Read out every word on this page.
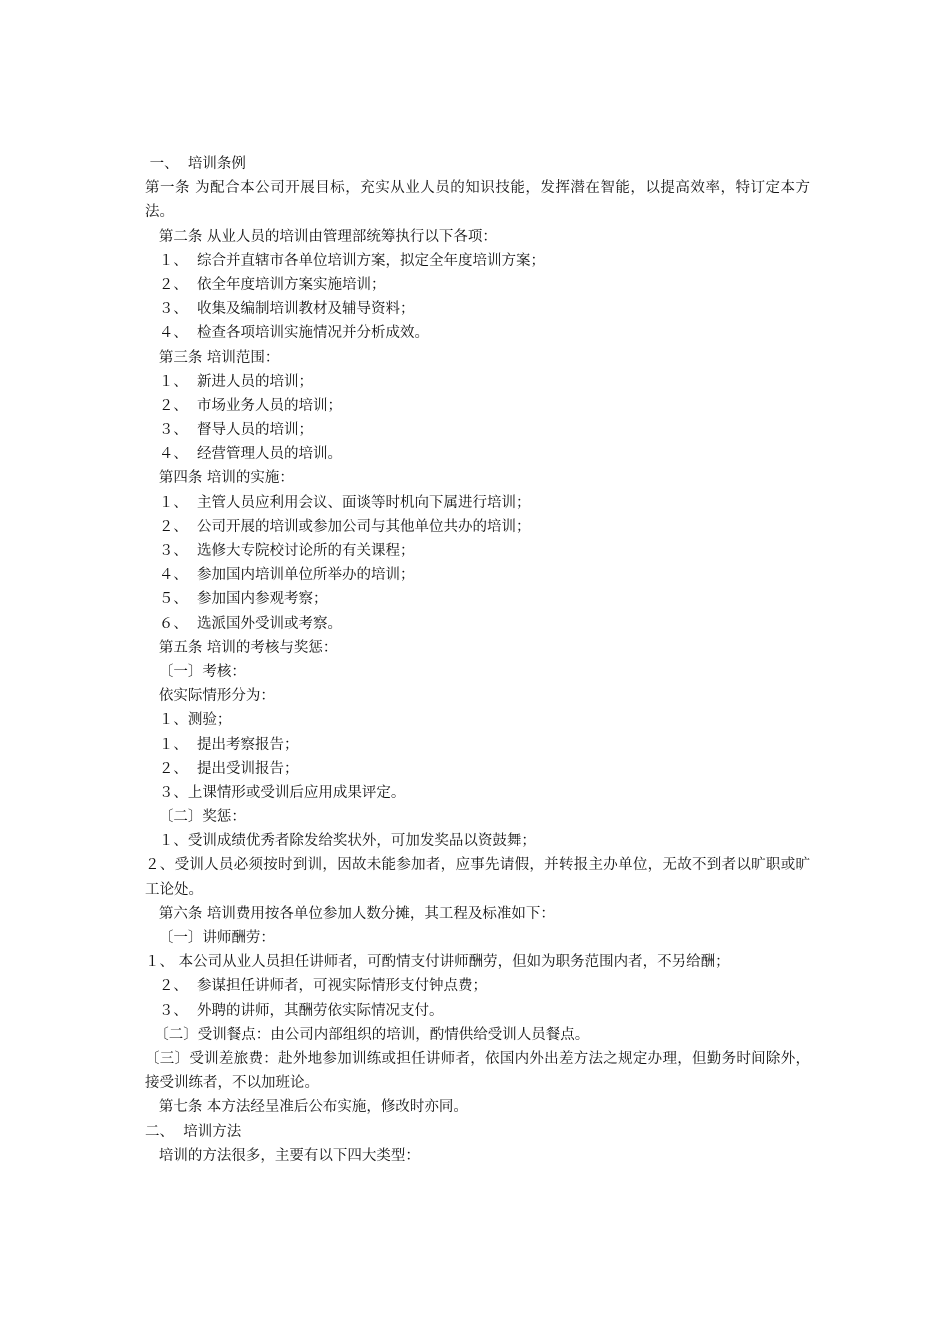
一、  培训条例
第一条 为配合本公司开展目标，充实从业人员的知识技能，发挥潜在智能，以提高效率，特订定本方法。
第二条 从业人员的培训由管理部统筹执行以下各项：
１、  综合并直辖市各单位培训方案，拟定全年度培训方案；
２、  依全年度培训方案实施培训；
３、  收集及编制培训教材及辅导资料；
４、  检查各项培训实施情况并分析成效。
第三条 培训范围：
１、  新进人员的培训；
２、  市场业务人员的培训；
３、  督导人员的培训；
４、  经营管理人员的培训。
第四条 培训的实施：
１、  主管人员应利用会议、面谈等时机向下属进行培训；
２、  公司开展的培训或参加公司与其他单位共办的培训；
３、  选修大专院校讨论所的有关课程；
４、  参加国内培训单位所举办的培训；
５、  参加国内参观考察；
６、  选派国外受训或考察。
第五条 培训的考核与奖惩：
〔一〕考核：
依实际情形分为：
１、测验；
１、  提出考察报告；
２、  提出受训报告；
３、上课情形或受训后应用成果评定。
〔二〕奖惩：
１、受训成绩优秀者除发给奖状外，可加发奖品以资鼓舞；
２、受训人员必须按时到训，因故未能参加者，应事先请假，并转报主办单位，无故不到者以旷职或旷工论处。
第六条 培训费用按各单位参加人数分摊，其工程及标准如下：
〔一〕讲师酬劳：
１、 本公司从业人员担任讲师者，可酌情支付讲师酬劳，但如为职务范围内者，不另给酬；
２、  参谋担任讲师者，可视实际情形支付钟点费；
３、  外聘的讲师，其酬劳依实际情况支付。
〔二〕受训餐点：由公司内部组织的培训，酌情供给受训人员餐点。
〔三〕受训差旅费：赴外地参加训练或担任讲师者，依国内外出差方法之规定办理，但勤务时间除外，接受训练者，不以加班论。
第七条 本方法经呈准后公布实施，修改时亦同。
二、  培训方法
培训的方法很多，主要有以下四大类型：
